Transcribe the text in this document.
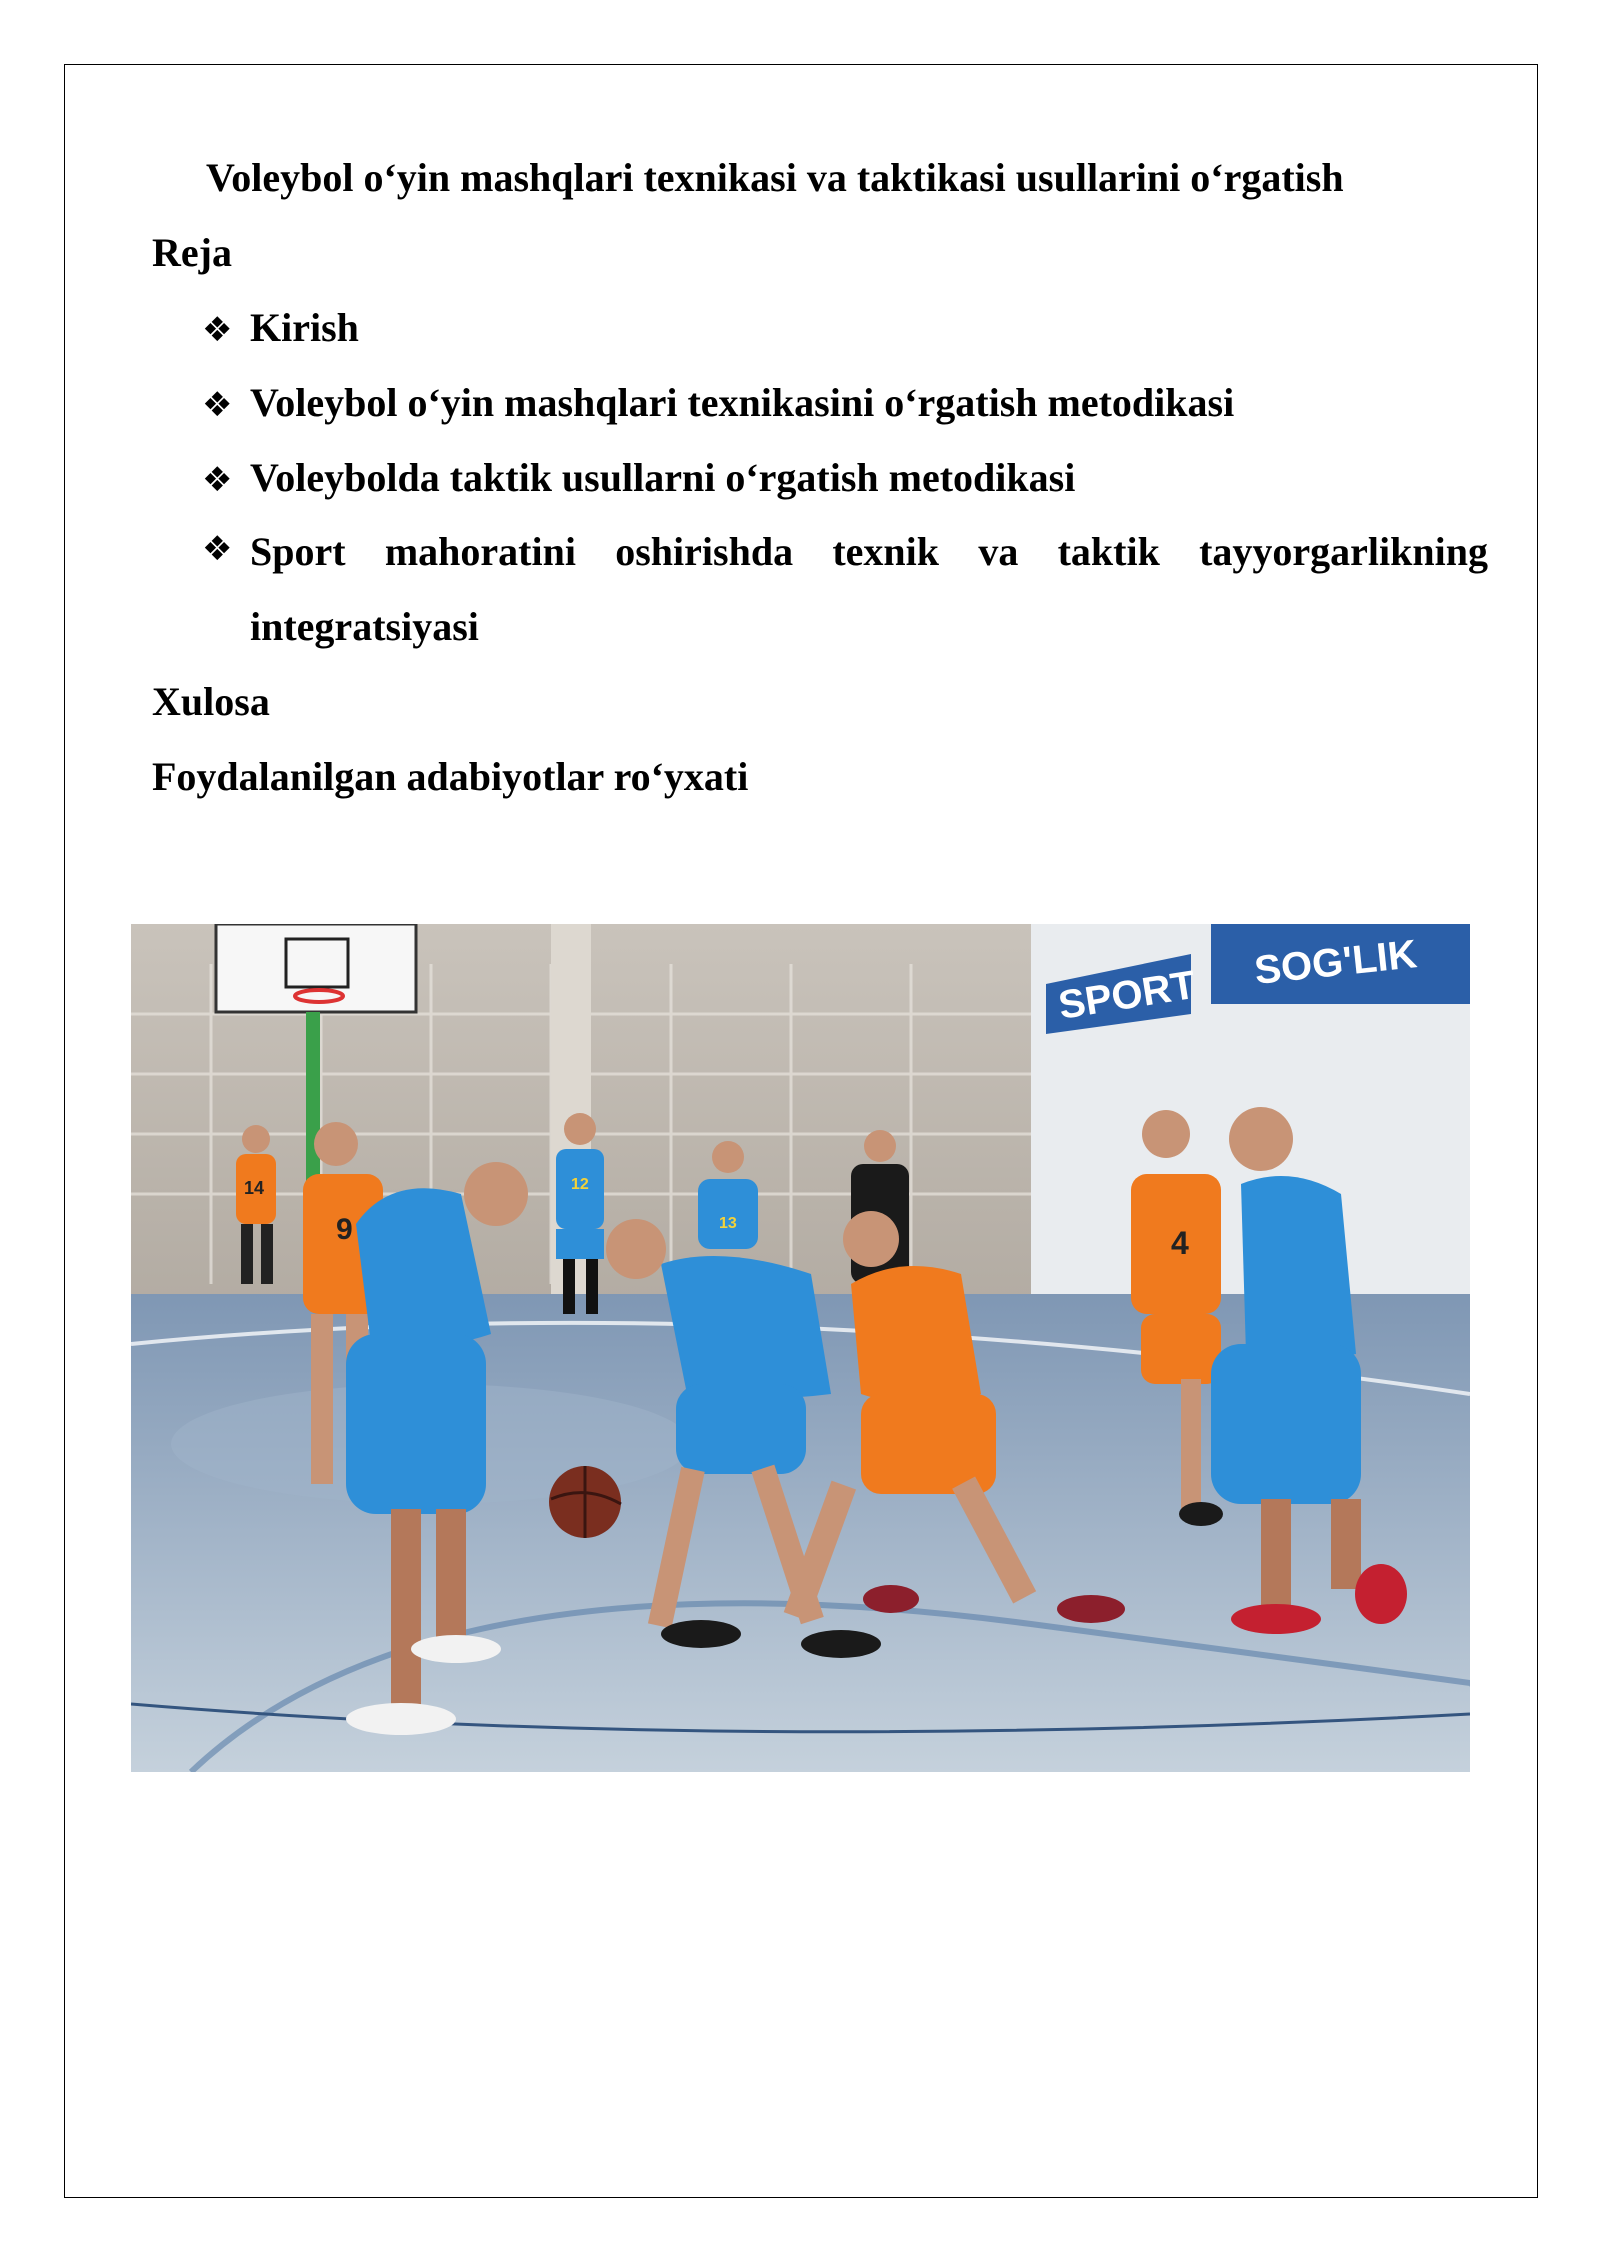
Voleybol o‘yin mashqlari texnikasi va taktikasi usullarini o‘rgatish
Reja
❖ Kirish
❖ Voleybol o‘yin mashqlari texnikasini o‘rgatish metodikasi
❖ Voleybolda taktik usullarni o‘rgatish metodikasi
❖ Sport mahoratini oshirishda texnik va taktik tayyorgarlikning
integratsiyasi
Xulosa
Foydalanilgan adabiyotlar ro‘yxati
SPORT
SOG'LIK
14	12
13
9	4
